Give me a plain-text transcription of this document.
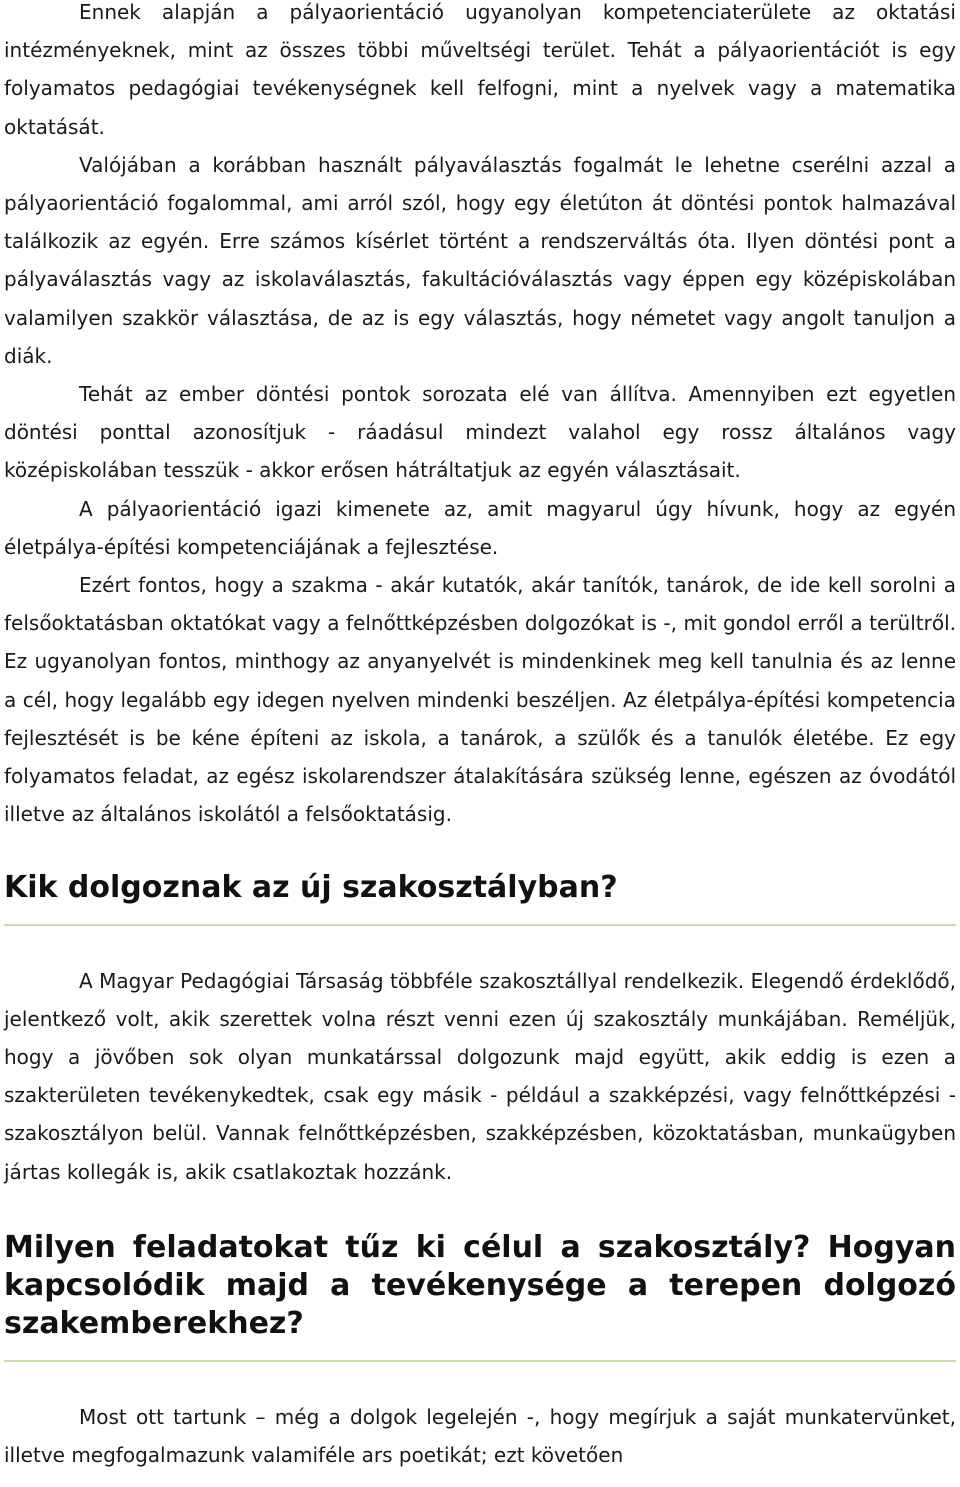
Ennek alapján a pályaorientáció ugyanolyan kompetenciaterülete az oktatási intézményeknek, mint az összes többi műveltségi terület. Tehát a pályaorientációt is egy folyamatos pedagógiai tevékenységnek kell felfogni, mint a nyelvek vagy a matematika oktatását.

Valójában a korábban használt pályaválasztás fogalmát le lehetne cserélni azzal a pályaorientáció fogalommal, ami arról szól, hogy egy életúton át döntési pontok halmazával találkozik az egyén. Erre számos kísérlet történt a rendszerváltás óta. Ilyen döntési pont a pályaválasztás vagy az iskolaválasztás, fakultációválasztás vagy éppen egy középiskolában valamilyen szakkör választása, de az is egy választás, hogy németet vagy angolt tanuljon a diák.

Tehát az ember döntési pontok sorozata elé van állítva. Amennyiben ezt egyetlen döntési ponttal azonosítjuk - ráadásul mindezt valahol egy rossz általános vagy középiskolában tesszük - akkor erősen hátráltatjuk az egyén választásait.

A pályaorientáció igazi kimenete az, amit magyarul úgy hívunk, hogy az egyén életpálya-építési kompetenciájának a fejlesztése.

Ezért fontos, hogy a szakma - akár kutatók, akár tanítók, tanárok, de ide kell sorolni a felsőoktatásban oktatókat vagy a felnőttképzésben dolgozókat is -, mit gondol erről a terültről. Ez ugyanolyan fontos, minthogy az anyanyelvét is mindenkinek meg kell tanulnia és az lenne a cél, hogy legalább egy idegen nyelven mindenki beszéljen. Az életpálya-építési kompetencia fejlesztését is be kéne építeni az iskola, a tanárok, a szülők és a tanulók életébe. Ez egy folyamatos feladat, az egész iskolarendszer átalakítására szükség lenne, egészen az óvodától illetve az általános iskolától a felsőoktatásig.

Kik dolgoznak az új szakosztályban?

A Magyar Pedagógiai Társaság többféle szakosztállyal rendelkezik. Elegendő érdeklődő, jelentkező volt, akik szerettek volna részt venni ezen új szakosztály munkájában. Reméljük, hogy a jövőben sok olyan munkatárssal dolgozunk majd együtt, akik eddig is ezen a szakterületen tevékenykedtek, csak egy másik - például a szakképzési, vagy felnőttképzési - szakosztályon belül. Vannak felnőttképzésben, szakképzésben, közoktatásban, munkaügyben jártas kollegák is, akik csatlakoztak hozzánk.

Milyen feladatokat tűz ki célul a szakosztály? Hogyan kapcsolódik majd a tevékenysége a terepen dolgozó szakemberekhez?

Most ott tartunk – még a dolgok legelején -, hogy megírjuk a saját munkatervünket, illetve megfogalmazunk valamiféle ars poetikát; ezt követően
